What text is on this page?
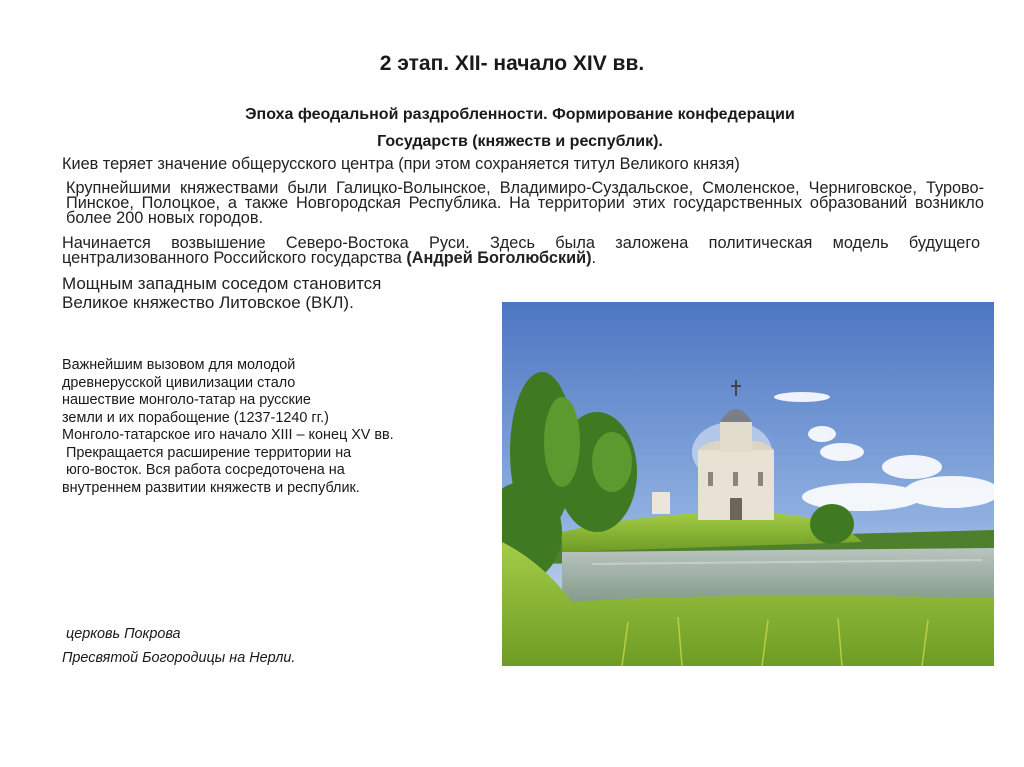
2 этап. XII- начало XIV вв.
Эпоха феодальной раздробленности. Формирование конфедерации
Государств (княжеств и республик).
Киев теряет значение общерусского центра (при этом сохраняется титул Великого князя)
Крупнейшими княжествами были Галицко-Волынское, Владимиро-Суздальское, Смоленское, Черниговское, Турово-Пинское, Полоцкое, а также Новгородская Республика. На территории этих государственных образований возникло более 200 новых городов.
Начинается возвышение Северо-Востока Руси. Здесь была заложена политическая модель будущего централизованного Российского государства (Андрей Боголюбский).
Мощным западным соседом становится
Великое княжество Литовское (ВКЛ).
Важнейшим вызовом для молодой
древнерусской цивилизации стало
нашествие монголо-татар на русские
земли и их порабощение (1237-1240 гг.)
Монголо-татарское иго начало XIII – конец XV вв.
Прекращается расширение территории на
юго-восток. Вся работа сосредоточена на
внутреннем развитии княжеств и республик.
церковь Покрова
Пресвятой Богородицы на Нерли.
